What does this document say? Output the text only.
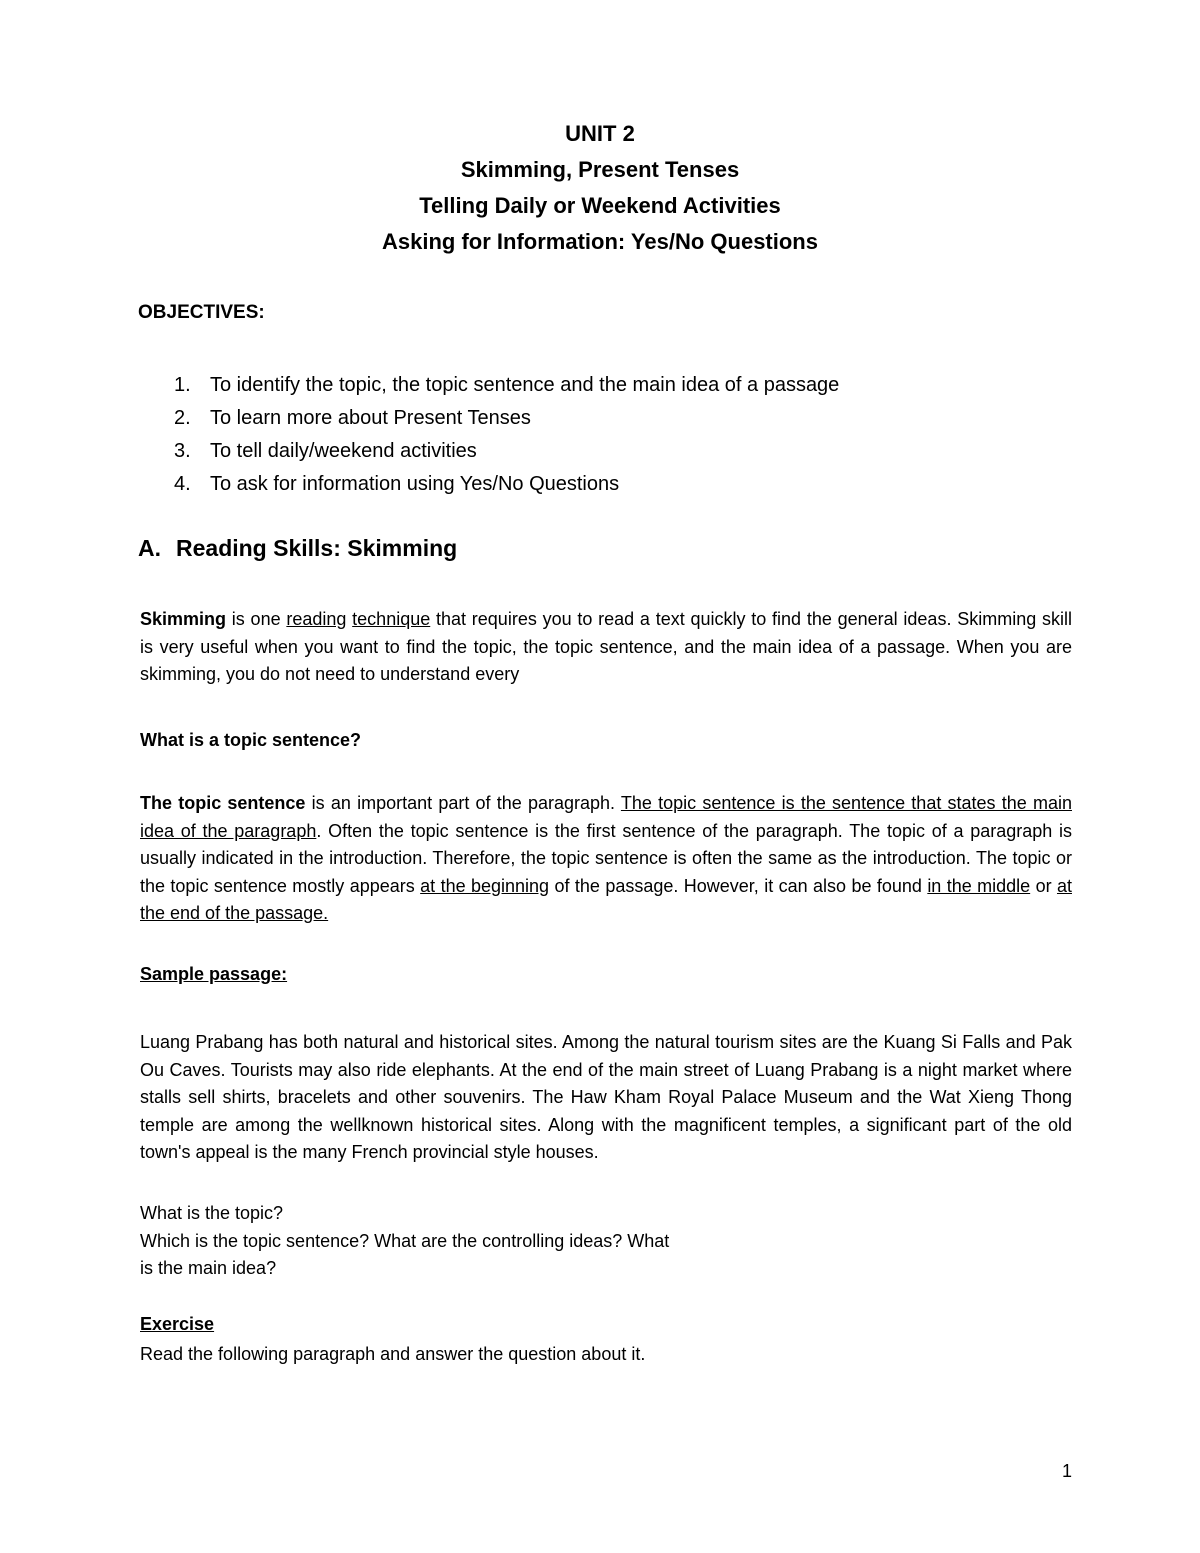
UNIT 2
Skimming, Present Tenses
Telling Daily or Weekend Activities
Asking for Information: Yes/No Questions
OBJECTIVES:
1. To identify the topic, the topic sentence and the main idea of a passage
2. To learn more about Present Tenses
3. To tell daily/weekend activities
4. To ask for information using Yes/No Questions
A. Reading Skills: Skimming

Skimming is one reading technique that requires you to read a text quickly to find the general ideas. Skimming skill is very useful when you want to find the topic, the topic sentence, and the main idea of a passage. When you are skimming, you do not need to understand every

What is a topic sentence?

The topic sentence is an important part of the paragraph. The topic sentence is the sentence that states the main idea of the paragraph. Often the topic sentence is the first sentence of the paragraph. The topic of a paragraph is usually indicated in the introduction. Therefore, the topic sentence is often the same as the introduction. The topic or the topic sentence mostly appears at the beginning of the passage. However, it can also be found in the middle or at the end of the passage.

Sample passage:

Luang Prabang has both natural and historical sites. Among the natural tourism sites are the Kuang Si Falls and Pak Ou Caves. Tourists may also ride elephants. At the end of the main street of Luang Prabang is a night market where stalls sell shirts, bracelets and other souvenirs. The Haw Kham Royal Palace Museum and the Wat Xieng Thong temple are among the wellknown historical sites. Along with the magnificent temples, a significant part of the old town's appeal is the many French provincial style houses.

What is the topic?
Which is the topic sentence? What are the controlling ideas? What
is the main idea?
Exercise
Read the following paragraph and answer the question about it.
1
